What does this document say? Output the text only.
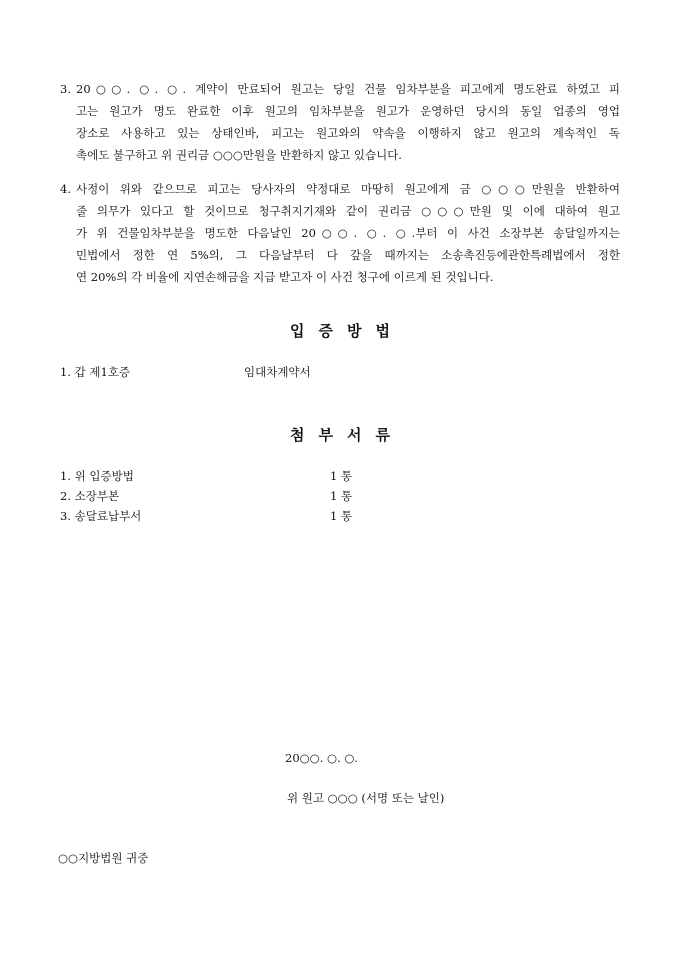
3. 20○○. ○. ○. 계약이 만료되어 원고는 당일 건물 임차부분을 피고에게 명도완료 하였고 피
고는 원고가 명도 완료한 이후 원고의 임차부분을 원고가 운영하던 당시의 동일 업종의 영업
장소로 사용하고 있는 상태인바, 피고는 원고와의 약속을 이행하지 않고 원고의 계속적인 독
촉에도 불구하고 위 권리금 ○○○만원을 반환하지 않고 있습니다.
4. 사정이 위와 같으므로 피고는 당사자의 약정대로 마땅히 원고에게 금 ○○○만원을 반환하여
줄 의무가 있다고 할 것이므로 청구취지기재와 같이 권리금 ○○○만원 및 이에 대하여 원고
가 위 건물임차부분을 명도한 다음날인 20○○. ○. ○.부터 이 사건 소장부본 송달일까지는
민법에서 정한 연 5%의, 그 다음날부터 다 갚을 때까지는 소송촉진등에관한특례법에서 정한
연 20%의 각 비율에 지연손해금을 지급 받고자 이 사건 청구에 이르게 된 것입니다.
입증방법
1. 갑 제1호증	임대차계약서
첨부서류
1. 위 입증방법	1 통
2. 소장부본	1 통
3. 송달료납부서	1 통
20○○. ○. ○.
위 원고 ○○○ (서명 또는 날인)
○○지방법원 귀중
